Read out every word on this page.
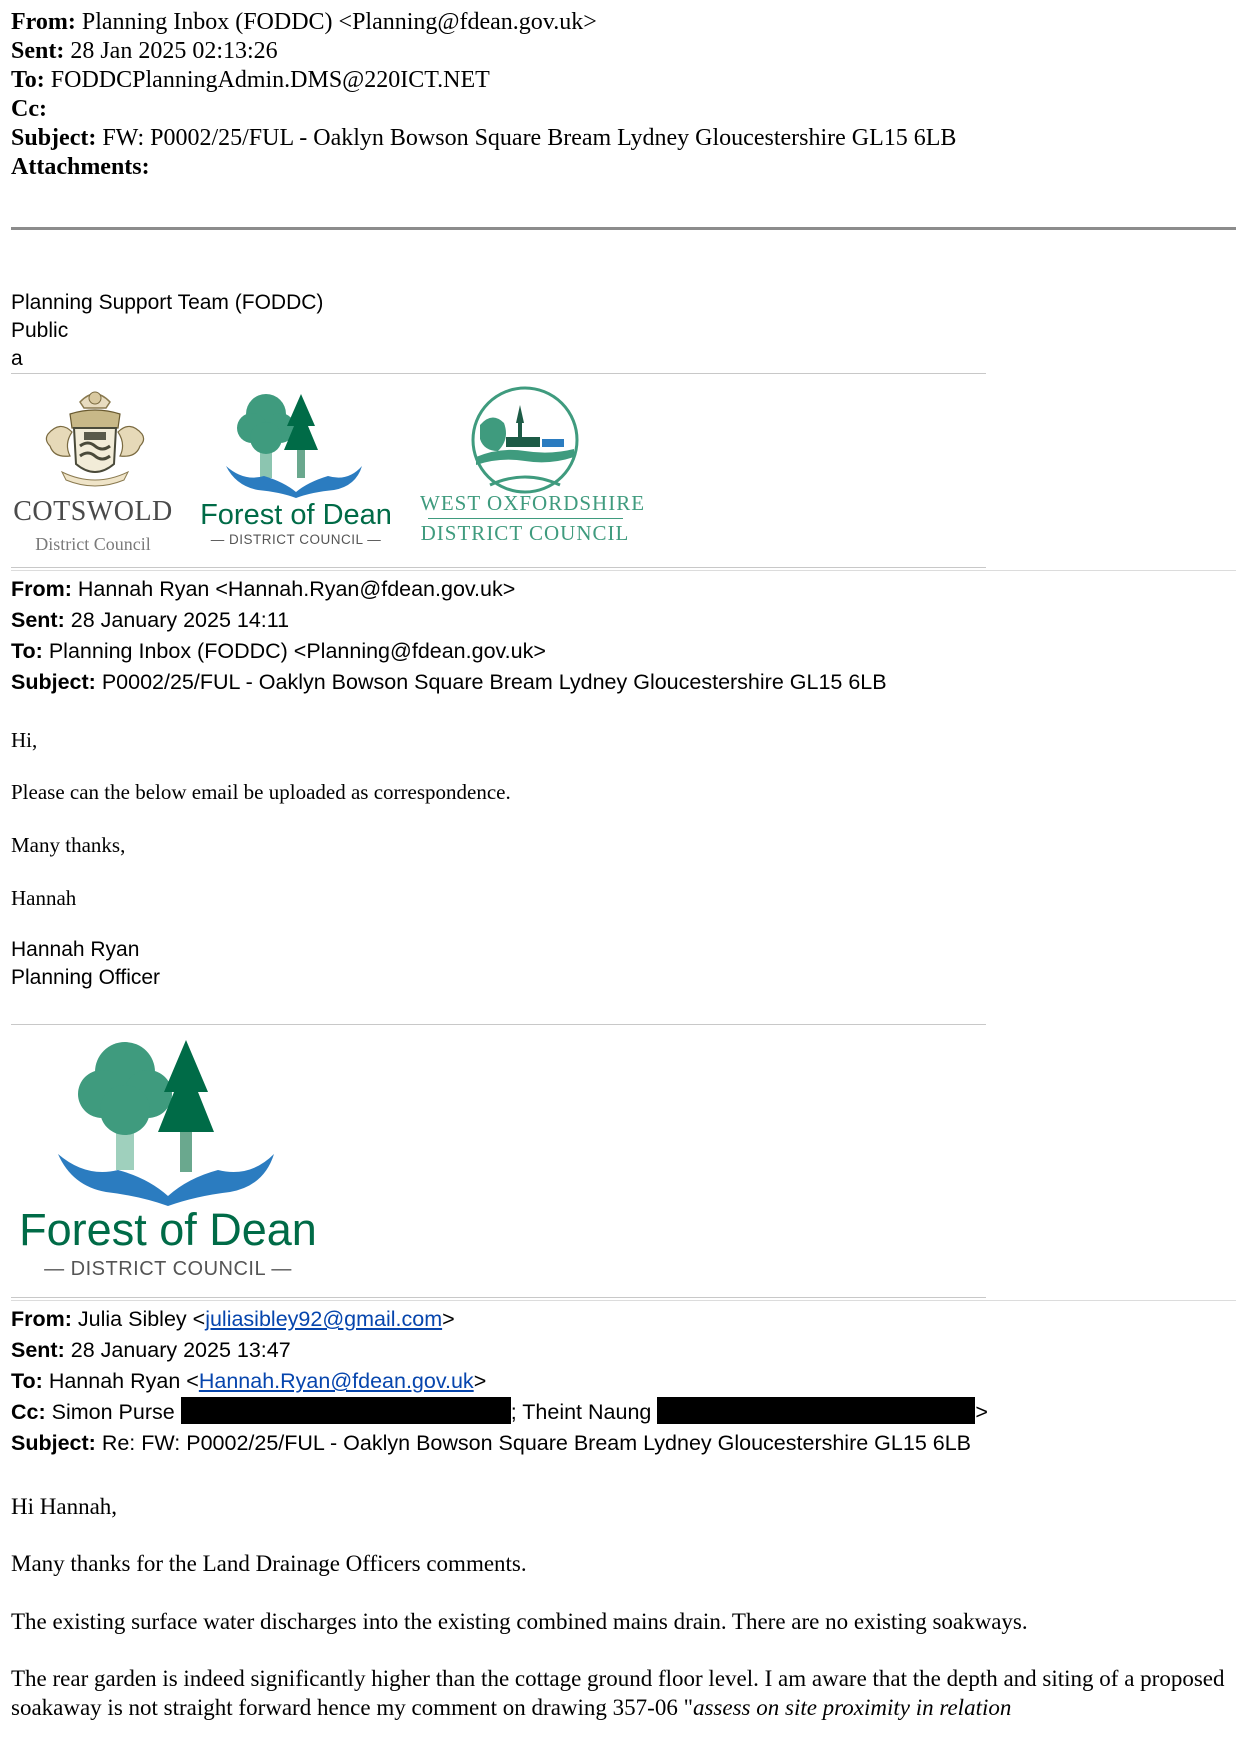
From: Planning Inbox (FODDC) <Planning@fdean.gov.uk>
Sent: 28 Jan 2025 02:13:26
To: FODDCPlanningAdmin.DMS@220ICT.NET
Cc:
Subject: FW: P0002/25/FUL - Oaklyn Bowson Square Bream Lydney Gloucestershire GL15 6LB
Attachments:
Planning Support Team (FODDC)
Public
a
COTSWOLD
District Council
Forest of Dean
— DISTRICT COUNCIL —
WEST OXFORDSHIRE
DISTRICT COUNCIL
From: Hannah Ryan <Hannah.Ryan@fdean.gov.uk>
Sent: 28 January 2025 14:11
To: Planning Inbox (FODDC) <Planning@fdean.gov.uk>
Subject: P0002/25/FUL - Oaklyn Bowson Square Bream Lydney Gloucestershire GL15 6LB
Hi,
Please can the below email be uploaded as correspondence.
Many thanks,
Hannah
Hannah Ryan
Planning Officer
Forest of Dean
— DISTRICT COUNCIL —
From: Julia Sibley <juliasibley92@gmail.com>
Sent: 28 January 2025 13:47
To: Hannah Ryan <Hannah.Ryan@fdean.gov.uk>
Cc: Simon Purse	; Theint Naung	>
Subject: Re: FW: P0002/25/FUL - Oaklyn Bowson Square Bream Lydney Gloucestershire GL15 6LB
Hi Hannah,
Many thanks for the Land Drainage Officers comments.
The existing surface water discharges into the existing combined mains drain. There are no existing soakways.
The rear garden is indeed significantly higher than the cottage ground floor level. I am aware that the depth and siting of a proposed soakaway is not straight forward hence my comment on drawing 357-06 "assess on site proximity in relation
